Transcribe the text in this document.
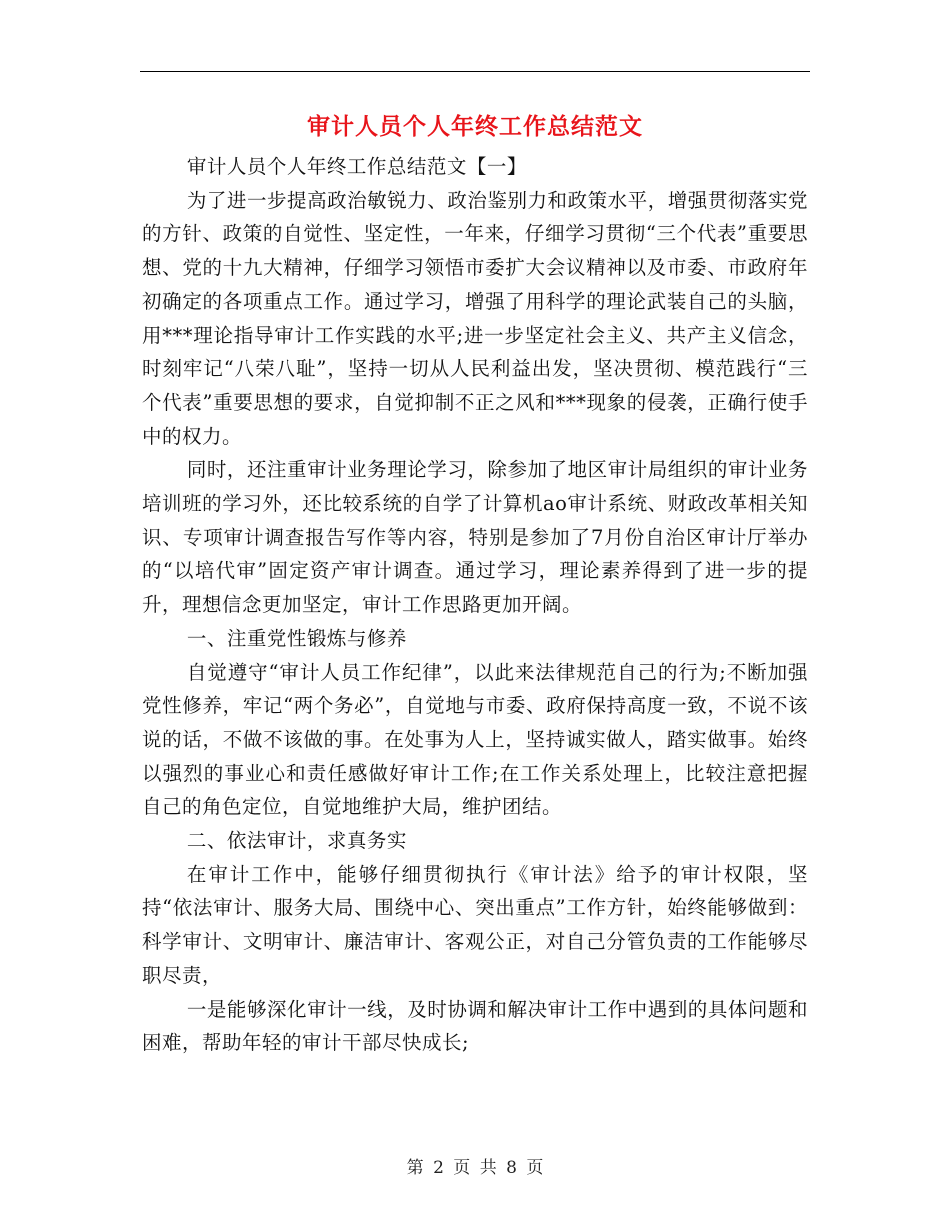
审计人员个人年终工作总结范文

审计人员个人年终工作总结范文【一】

为了进一步提高政治敏锐力、政治鉴别力和政策水平，增强贯彻落实党的方针、政策的自觉性、坚定性，一年来，仔细学习贯彻“三个代表”重要思想、党的十九大精神，仔细学习领悟市委扩大会议精神以及市委、市政府年初确定的各项重点工作。通过学习，增强了用科学的理论武装自己的头脑，用***理论指导审计工作实践的水平;进一步坚定社会主义、共产主义信念，时刻牢记“八荣八耻”，坚持一切从人民利益出发，坚决贯彻、模范践行“三个代表”重要思想的要求，自觉抑制不正之风和***现象的侵袭，正确行使手中的权力。

同时，还注重审计业务理论学习，除参加了地区审计局组织的审计业务培训班的学习外，还比较系统的自学了计算机ao审计系统、财政改革相关知识、专项审计调查报告写作等内容，特别是参加了7月份自治区审计厅举办的“以培代审”固定资产审计调查。通过学习，理论素养得到了进一步的提升，理想信念更加坚定，审计工作思路更加开阔。

一、注重党性锻炼与修养

自觉遵守“审计人员工作纪律”，以此来法律规范自己的行为;不断加强党性修养，牢记“两个务必”，自觉地与市委、政府保持高度一致，不说不该说的话，不做不该做的事。在处事为人上，坚持诚实做人，踏实做事。始终以强烈的事业心和责任感做好审计工作;在工作关系处理上，比较注意把握自己的角色定位，自觉地维护大局，维护团结。

二、依法审计，求真务实

在审计工作中，能够仔细贯彻执行《审计法》给予的审计权限，坚持“依法审计、服务大局、围绕中心、突出重点”工作方针，始终能够做到：科学审计、文明审计、廉洁审计、客观公正，对自己分管负责的工作能够尽职尽责，

一是能够深化审计一线，及时协调和解决审计工作中遇到的具体问题和困难，帮助年轻的审计干部尽快成长;

第 2 页 共 8 页
